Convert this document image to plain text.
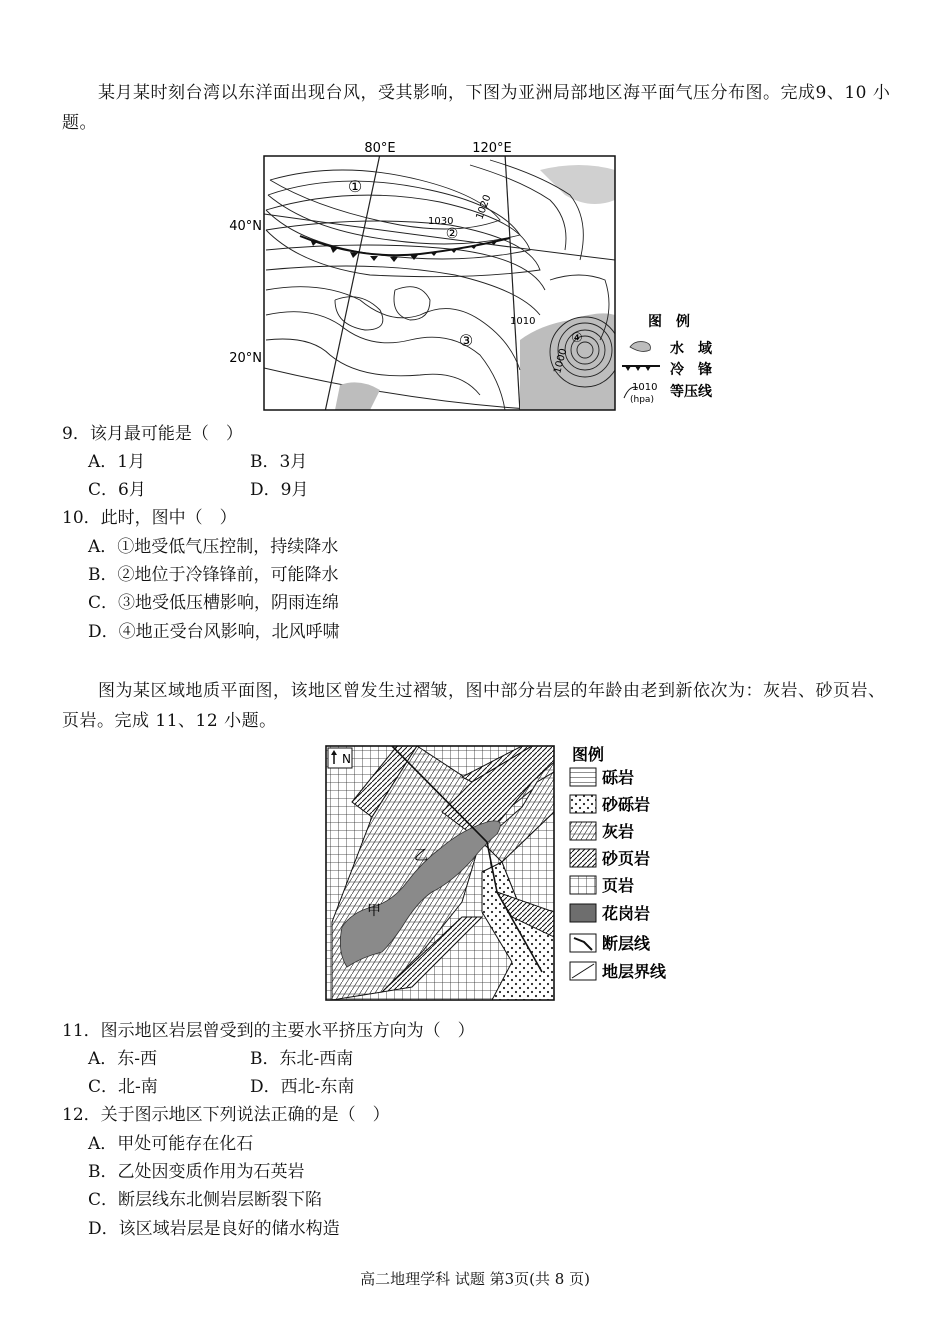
某月某时刻台湾以东洋面出现台风，受其影响，下图为亚洲局部地区海平面气压分布图。完成9、10 小题。
80°E	120°E
40°N
20°N
1030
1020
1010
1000
①
②
③	④
图　例
水　域
冷　锋
1010
(hpa) 等压线
9．该月最可能是（　）
A．1月	B．3月
C．6月	D．9月
10．此时，图中（　）
A．①地受低气压控制，持续降水
B．②地位于冷锋锋前，可能降水
C．③地受低压槽影响，阴雨连绵
D．④地正受台风影响，北风呼啸
图为某区域地质平面图，该地区曾发生过褶皱，图中部分岩层的年龄由老到新依次为：灰岩、砂页岩、页岩。完成 11、12 小题。
N
乙
甲
图例
砾岩
砂砾岩
灰岩
砂页岩
页岩
花岗岩
断层线
地层界线
11．图示地区岩层曾受到的主要水平挤压方向为（　）
A．东-西	B．东北-西南
C．北-南	D．西北-东南
12．关于图示地区下列说法正确的是（　）
A．甲处可能存在化石
B．乙处因变质作用为石英岩
C．断层线东北侧岩层断裂下陷
D．该区域岩层是良好的储水构造
高二地理学科 试题 第3页(共 8 页)
